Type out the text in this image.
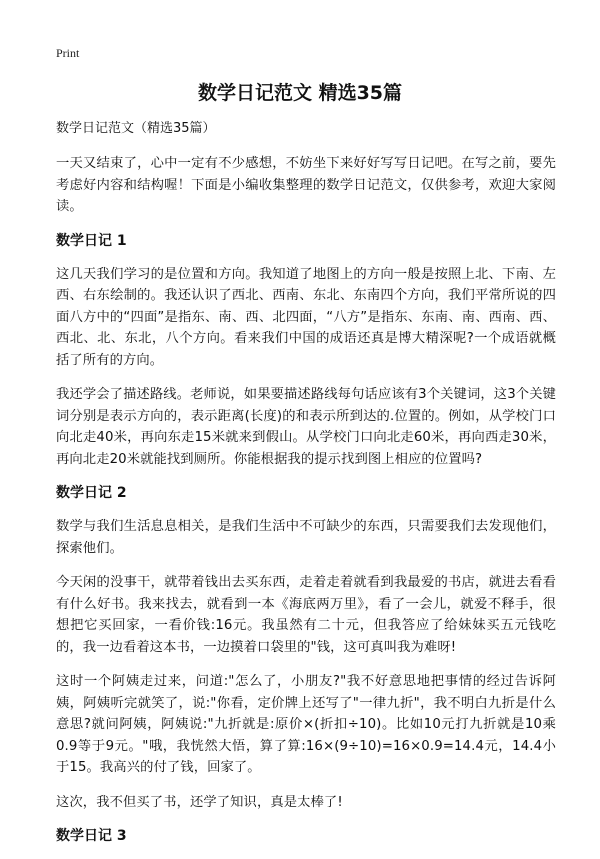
Print
数学日记范文 精选35篇
数学日记范文（精选35篇）

一天又结束了，心中一定有不少感想，不妨坐下来好好写写日记吧。在写之前，要先考虑好内容和结构喔！下面是小编收集整理的数学日记范文，仅供参考，欢迎大家阅读。

数学日记 1

这几天我们学习的是位置和方向。我知道了地图上的方向一般是按照上北、下南、左西、右东绘制的。我还认识了西北、西南、东北、东南四个方向，我们平常所说的四面八方中的“四面”是指东、南、西、北四面，“八方”是指东、东南、南、西南、西、西北、北、东北，八个方向。看来我们中国的成语还真是博大精深呢?一个成语就概括了所有的方向。

我还学会了描述路线。老师说，如果要描述路线每句话应该有3个关键词，这3个关键词分别是表示方向的，表示距离(长度)的和表示所到达的.位置的。例如，从学校门口向北走40米，再向东走15米就来到假山。从学校门口向北走60米，再向西走30米，再向北走20米就能找到厕所。你能根据我的提示找到图上相应的位置吗?

数学日记 2

数学与我们生活息息相关，是我们生活中不可缺少的东西，只需要我们去发现他们，探索他们。

今天闲的没事干，就带着钱出去买东西，走着走着就看到我最爱的书店，就进去看看有什么好书。我来找去，就看到一本《海底两万里》，看了一会儿，就爱不释手，很想把它买回家，一看价钱:16元。我虽然有二十元，但我答应了给妹妹买五元钱吃的，我一边看着这本书，一边摸着口袋里的"钱，这可真叫我为难呀!

这时一个阿姨走过来，问道:"怎么了，小朋友?"我不好意思地把事情的经过告诉阿姨，阿姨听完就笑了，说:"你看，定价牌上还写了"一律九折"，我不明白九折是什么意思?就问阿姨，阿姨说:"九折就是:原价×(折扣÷10)。比如10元打九折就是10乘0.9等于9元。"哦，我恍然大悟，算了算:16×(9÷10)=16×0.9=14.4元，14.4小于15。我高兴的付了钱，回家了。

这次，我不但买了书，还学了知识，真是太棒了!

数学日记 3
